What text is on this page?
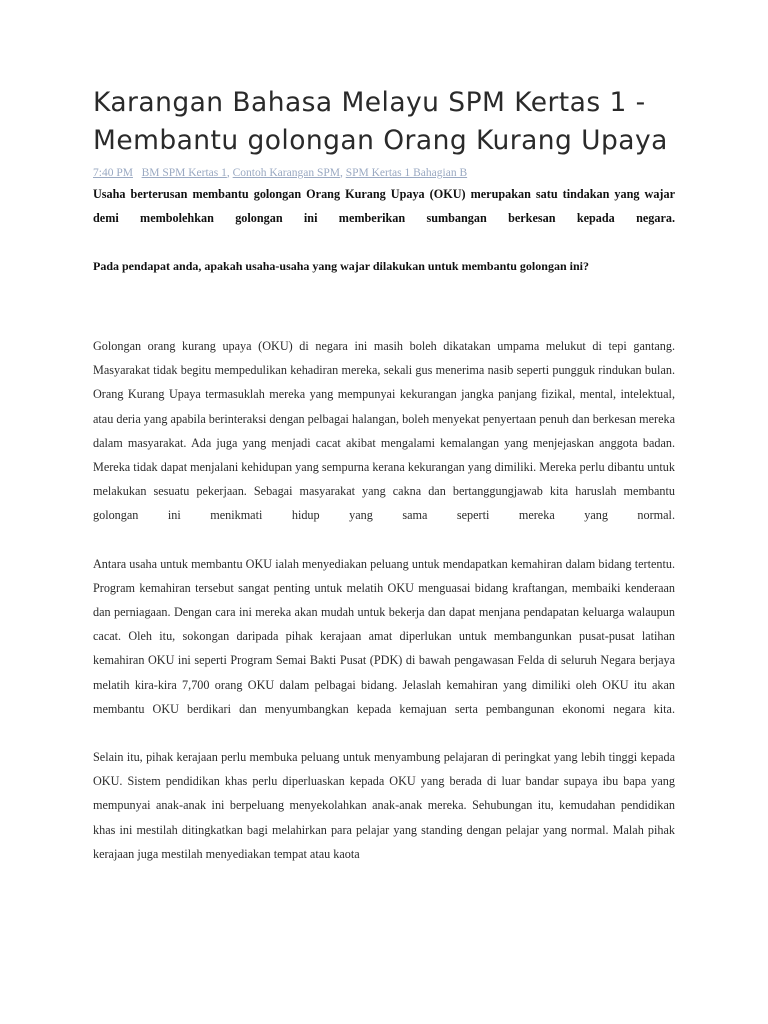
Karangan Bahasa Melayu SPM Kertas 1 - Membantu golongan Orang Kurang Upaya
7:40 PM BM SPM Kertas 1, Contoh Karangan SPM, SPM Kertas 1 Bahagian B

Usaha berterusan membantu golongan Orang Kurang Upaya (OKU) merupakan satu tindakan yang wajar demi membolehkan golongan ini memberikan sumbangan berkesan kepada negara.

Pada pendapat anda, apakah usaha-usaha yang wajar dilakukan untuk membantu golongan ini?

Golongan orang kurang upaya (OKU) di negara ini masih boleh dikatakan umpama melukut di tepi gantang. Masyarakat tidak begitu mempedulikan kehadiran mereka, sekali gus menerima nasib seperti pungguk rindukan bulan. Orang Kurang Upaya termasuklah mereka yang mempunyai kekurangan jangka panjang fizikal, mental, intelektual, atau deria yang apabila berinteraksi dengan pelbagai halangan, boleh menyekat penyertaan penuh dan berkesan mereka dalam masyarakat. Ada juga yang menjadi cacat akibat mengalami kemalangan yang menjejaskan anggota badan. Mereka tidak dapat menjalani kehidupan yang sempurna kerana kekurangan yang dimiliki. Mereka perlu dibantu untuk melakukan sesuatu pekerjaan. Sebagai masyarakat yang cakna dan bertanggungjawab kita haruslah membantu golongan ini menikmati hidup yang sama seperti mereka yang normal.

Antara usaha untuk membantu OKU ialah menyediakan peluang untuk mendapatkan kemahiran dalam bidang tertentu. Program kemahiran tersebut sangat penting untuk melatih OKU menguasai bidang kraftangan, membaiki kenderaan dan perniagaan. Dengan cara ini mereka akan mudah untuk bekerja dan dapat menjana pendapatan keluarga walaupun cacat. Oleh itu, sokongan daripada pihak kerajaan amat diperlukan untuk membangunkan pusat-pusat latihan kemahiran OKU ini seperti Program Semai Bakti Pusat (PDK) di bawah pengawasan Felda di seluruh Negara berjaya melatih kira-kira 7,700 orang OKU dalam pelbagai bidang. Jelaslah kemahiran yang dimiliki oleh OKU itu akan membantu OKU berdikari dan menyumbangkan kepada kemajuan serta pembangunan ekonomi negara kita.

Selain itu, pihak kerajaan perlu membuka peluang untuk menyambung pelajaran di peringkat yang lebih tinggi kepada OKU. Sistem pendidikan khas perlu diperluaskan kepada OKU yang berada di luar bandar supaya ibu bapa yang mempunyai anak-anak ini berpeluang menyekolahkan anak-anak mereka. Sehubungan itu, kemudahan pendidikan khas ini mestilah ditingkatkan bagi melahirkan para pelajar yang standing dengan pelajar yang normal. Malah pihak kerajaan juga mestilah menyediakan tempat atau kaota
